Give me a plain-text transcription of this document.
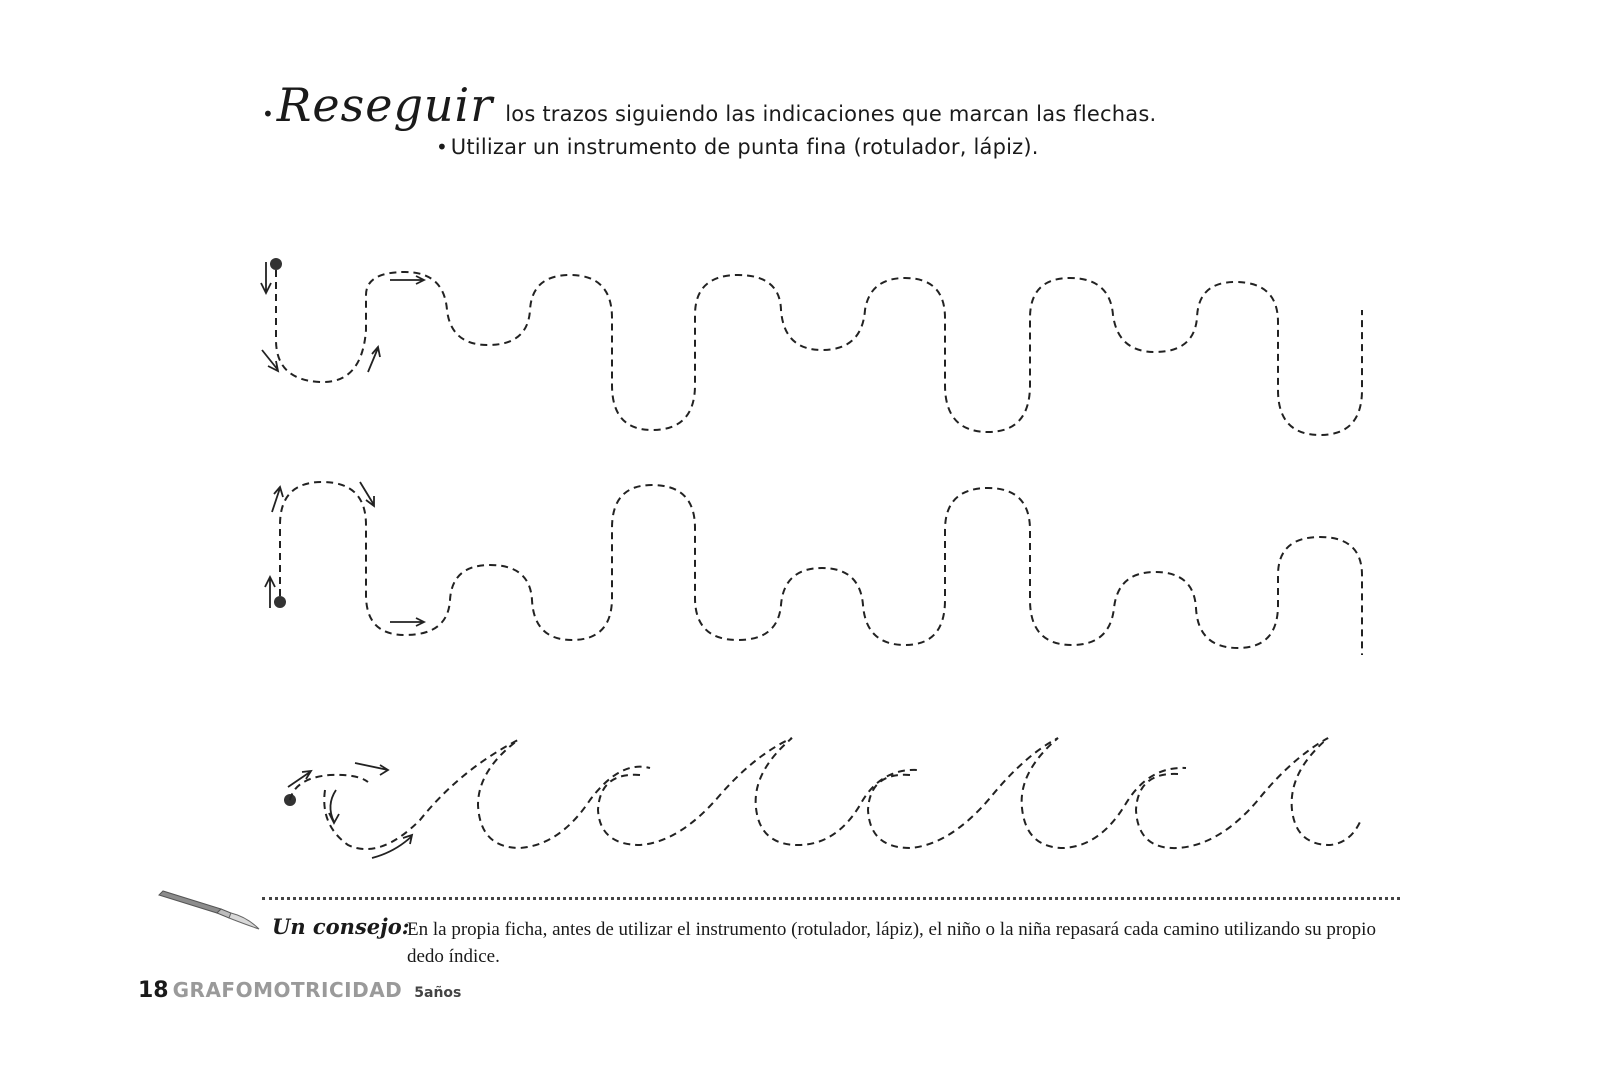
• Reseguir los trazos siguiendo las indicaciones que marcan las flechas.
• Utilizar un instrumento de punta fina (rotulador, lápiz).
Un consejo:
En la propia ficha, antes de utilizar el instrumento (rotulador, lápiz), el niño o la niña repasará cada camino utilizando su propio dedo índice.
18 GRAFOMOTRICIDAD 5años
